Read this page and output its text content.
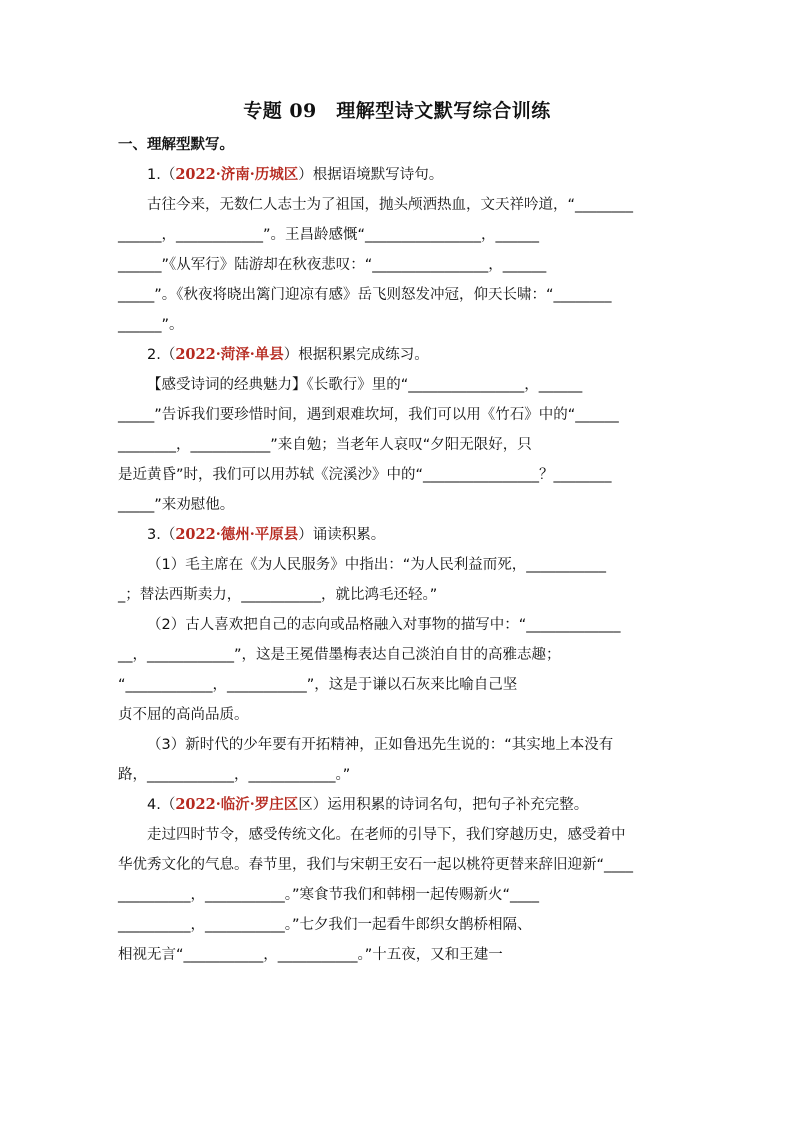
专题 09　理解型诗文默写综合训练

一、理解型默写。

1.（2022·济南·历城区）根据语境默写诗句。

古往今来，无数仁人志士为了祖国，抛头颅洒热血，文天祥吟道，“________

______，____________”。王昌龄感慨“________________，______

______”《从军行》陆游却在秋夜悲叹：“________________，______

_____”。《秋夜将晓出篱门迎凉有感》岳飞则怒发冲冠，仰天长啸：“________

______”。

2.（2022·菏泽·单县）根据积累完成练习。

【感受诗词的经典魅力】《长歌行》里的“________________，______

_____”告诉我们要珍惜时间，遇到艰难坎坷，我们可以用《竹石》中的“______

________，___________”来自勉；当老年人哀叹“夕阳无限好，只

是近黄昏”时，我们可以用苏轼《浣溪沙》中的“________________？________

_____”来劝慰他。

3.（2022·德州·平原县）诵读积累。

（1）毛主席在《为人民服务》中指出：“为人民利益而死，___________

_；替法西斯卖力，___________，就比鸿毛还轻。”

（2）古人喜欢把自己的志向或品格融入对事物的描写中：“_____________

__，____________”，这是王冕借墨梅表达自己淡泊自甘的高雅志趣；

“____________，___________”，这是于谦以石灰来比喻自己坚

贞不屈的高尚品质。

（3）新时代的少年要有开拓精神，正如鲁迅先生说的：“其实地上本没有

路，____________，____________。”

4.（2022·临沂·罗庄区区）运用积累的诗词名句，把句子补充完整。

走过四时节令，感受传统文化。在老师的引导下，我们穿越历史，感受着中

华优秀文化的气息。春节里，我们与宋朝王安石一起以桃符更替来辞旧迎新“____

__________，___________。”寒食节我们和韩栩一起传赐新火“____

__________，___________。”七夕我们一起看牛郎织女鹊桥相隔、

相视无言“___________，___________。”十五夜，又和王建一
